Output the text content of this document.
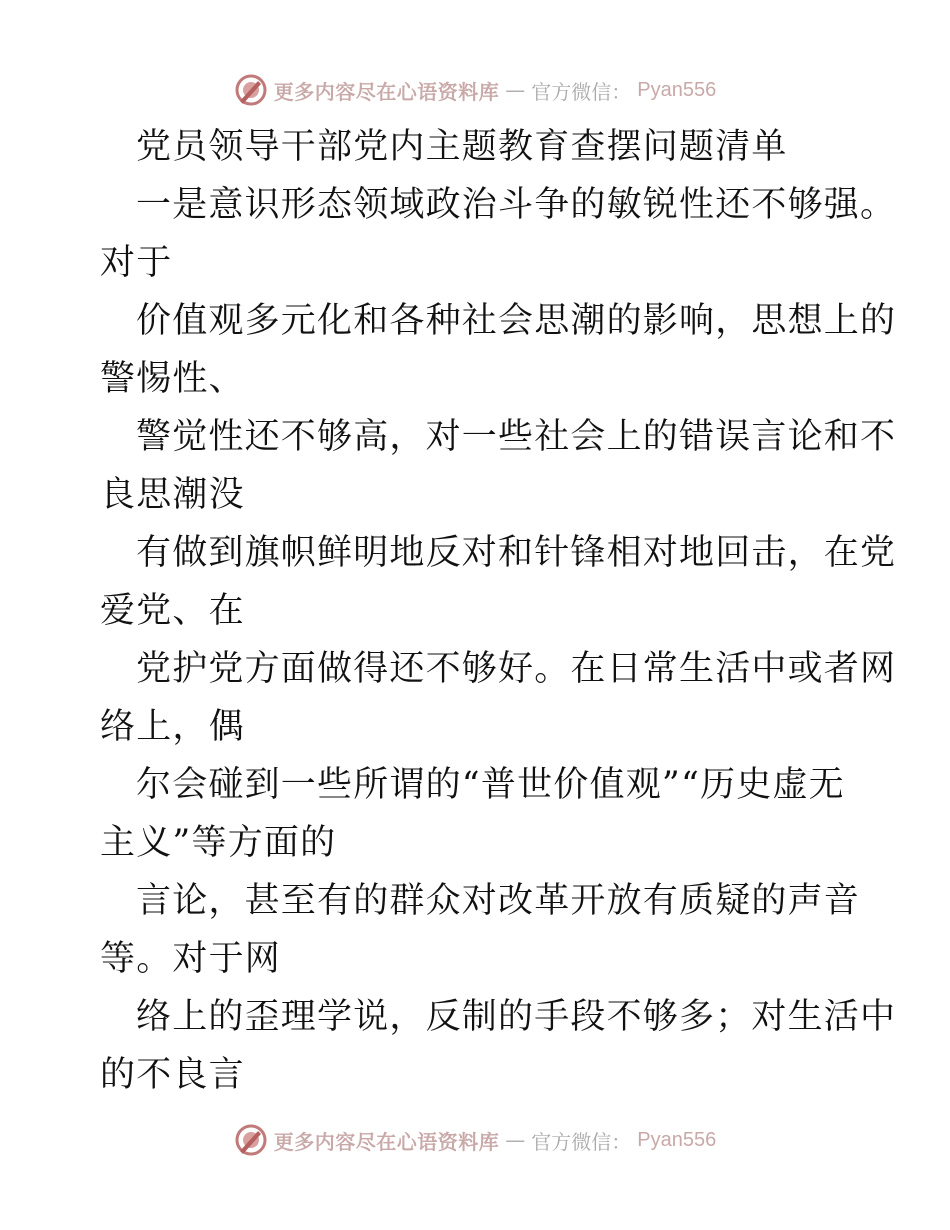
更多内容尽在心语资料库 — 官方微信： Pyan556
党员领导干部党内主题教育查摆问题清单
一是意识形态领域政治斗争的敏锐性还不够强。
对于
价值观多元化和各种社会思潮的影响，思想上的
警惕性、
警觉性还不够高，对一些社会上的错误言论和不
良思潮没
有做到旗帜鲜明地反对和针锋相对地回击，在党
爱党、在
党护党方面做得还不够好。在日常生活中或者网
络上，偶
尔会碰到一些所谓的“普世价值观”“历史虚无
主义”等方面的
言论，甚至有的群众对改革开放有质疑的声音
等。对于网
络上的歪理学说，反制的手段不够多；对生活中
的不良言
更多内容尽在心语资料库 — 官方微信： Pyan556
